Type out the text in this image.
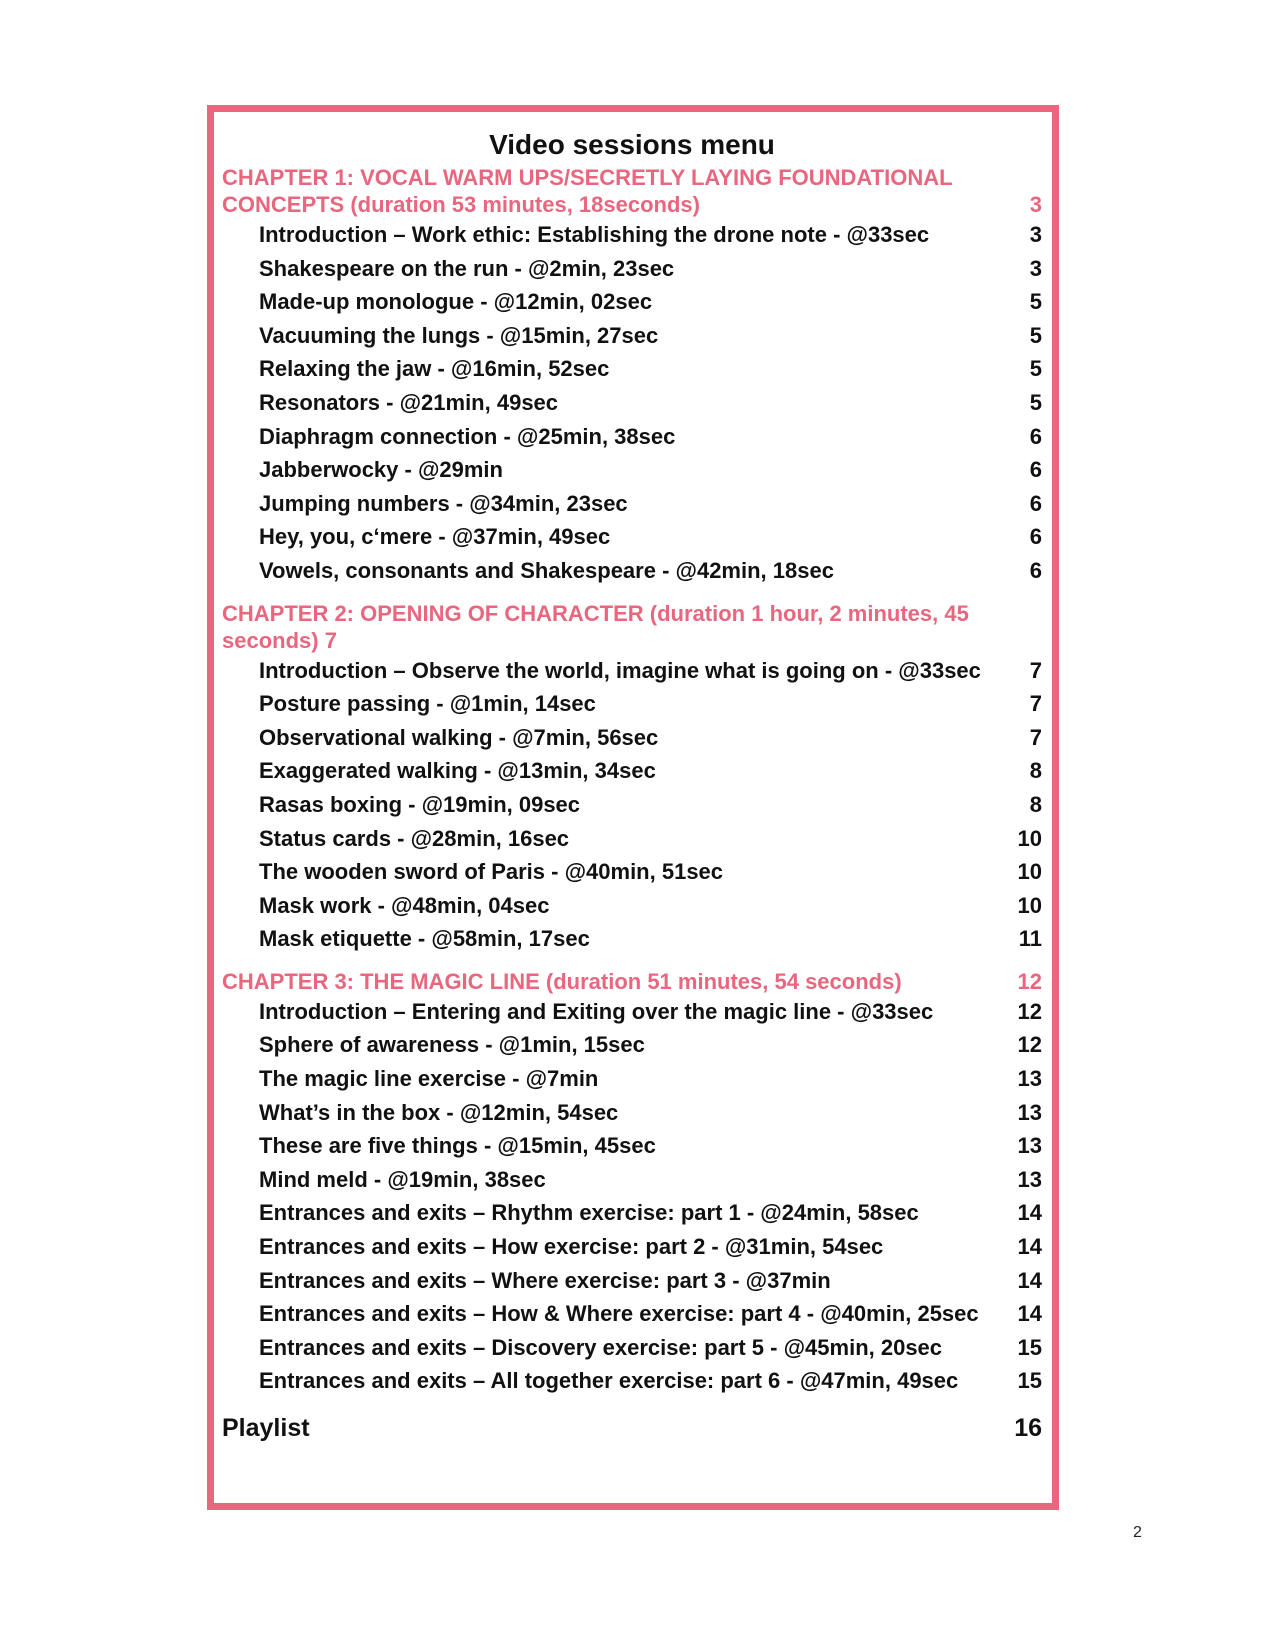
Video sessions menu
CHAPTER 1: VOCAL WARM UPS/SECRETLY LAYING FOUNDATIONAL CONCEPTS (duration 53 minutes, 18seconds)	3
Introduction – Work ethic: Establishing the drone note - @33sec	3
Shakespeare on the run - @2min, 23sec	3
Made-up monologue - @12min, 02sec	5
Vacuuming the lungs - @15min, 27sec	5
Relaxing the jaw - @16min, 52sec	5
Resonators - @21min, 49sec	5
Diaphragm connection - @25min, 38sec	6
Jabberwocky - @29min	6
Jumping numbers - @34min, 23sec	6
Hey, you, c‘mere - @37min, 49sec	6
Vowels, consonants and Shakespeare - @42min, 18sec	6
CHAPTER 2: OPENING OF CHARACTER (duration 1 hour, 2 minutes, 45 seconds) 7
Introduction – Observe the world, imagine what is going on - @33sec	7
Posture passing - @1min, 14sec	7
Observational walking - @7min, 56sec	7
Exaggerated walking - @13min, 34sec	8
Rasas boxing - @19min, 09sec	8
Status cards - @28min, 16sec	10
The wooden sword of Paris - @40min, 51sec	10
Mask work - @48min, 04sec	10
Mask etiquette - @58min, 17sec	11
CHAPTER 3: THE MAGIC LINE (duration 51 minutes, 54 seconds)	12
Introduction – Entering and Exiting over the magic line - @33sec	12
Sphere of awareness - @1min, 15sec	12
The magic line exercise - @7min	13
What’s in the box - @12min, 54sec	13
These are five things - @15min, 45sec	13
Mind meld - @19min, 38sec	13
Entrances and exits – Rhythm exercise: part 1 - @24min, 58sec	14
Entrances and exits – How exercise: part 2 - @31min, 54sec	14
Entrances and exits – Where exercise: part 3 - @37min	14
Entrances and exits – How & Where exercise: part 4 - @40min, 25sec	14
Entrances and exits – Discovery exercise: part 5 - @45min, 20sec	15
Entrances and exits – All together exercise: part 6 - @47min, 49sec	15
Playlist	16
2
